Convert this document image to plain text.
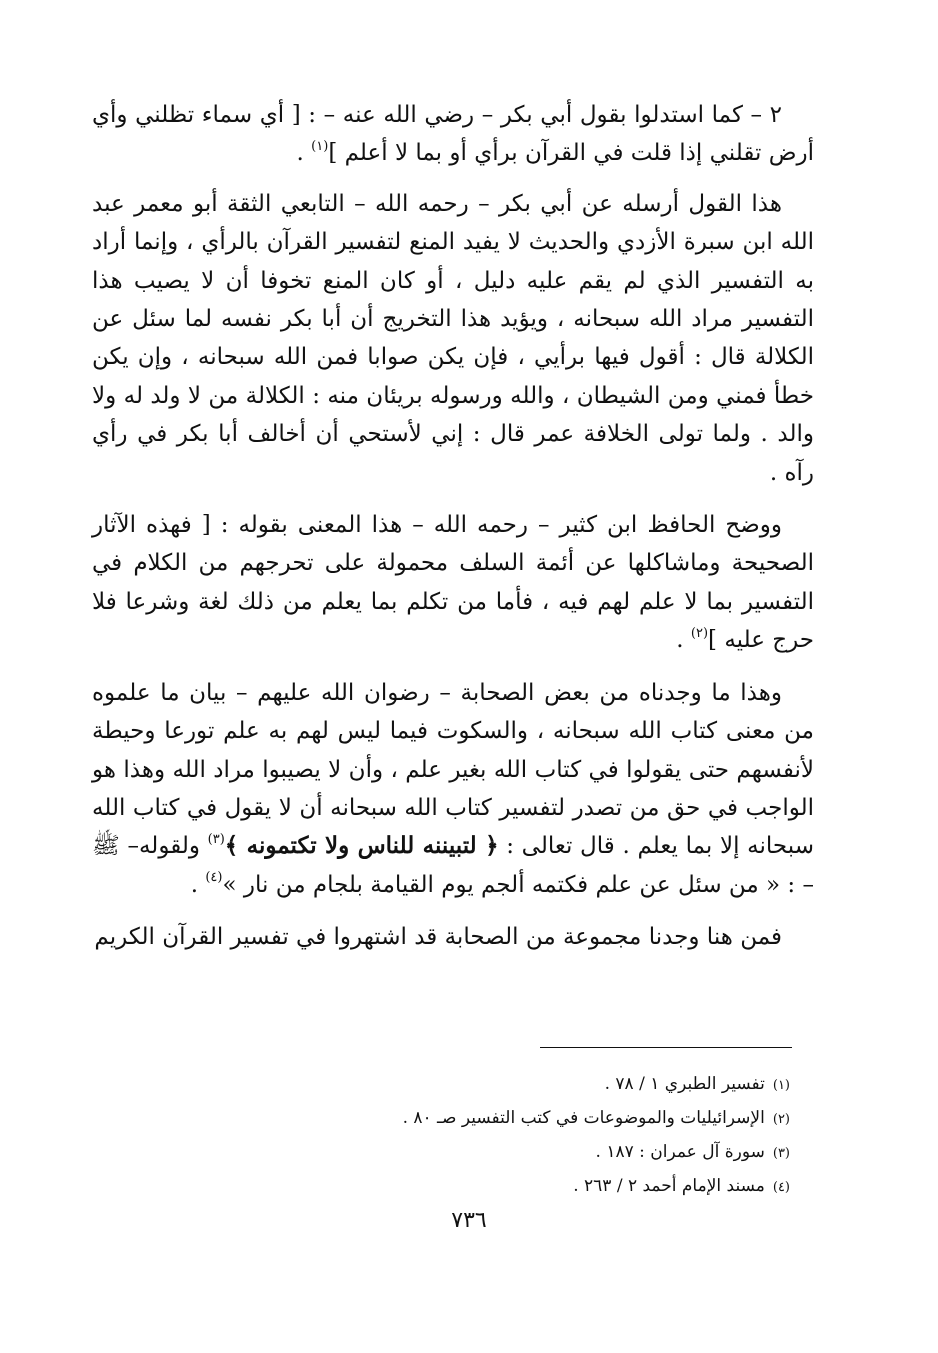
٢ – كما استدلوا بقول أبي بكر – رضي الله عنه – : [ أي سماء تظلني وأي أرض تقلني إذا قلت في القرآن برأي أو بما لا أعلم ]$^{(١)}$ .

هذا القول أرسله عن أبي بكر – رحمه الله – التابعي الثقة أبو معمر عبد الله ابن سبرة الأزدي والحديث لا يفيد المنع لتفسير القرآن بالرأي ، وإنما أراد به التفسير الذي لم يقم عليه دليل ، أو كان المنع تخوفا أن لا يصيب هذا التفسير مراد الله سبحانه ، ويؤيد هذا التخريج أن أبا بكر نفسه لما سئل عن الكلالة قال : أقول فيها برأيي ، فإن يكن صوابا فمن الله سبحانه ، وإن يكن خطأ فمني ومن الشيطان ، والله ورسوله بريئان منه : الكلالة من لا ولد له ولا والد . ولما تولى الخلافة عمر قال : إني لأستحي أن أخالف أبا بكر في رأي رآه .

ووضح الحافظ ابن كثير – رحمه الله – هذا المعنى بقوله : [ فهذه الآثار الصحيحة وماشاكلها عن أئمة السلف محمولة على تحرجهم من الكلام في التفسير بما لا علم لهم فيه ، فأما من تكلم بما يعلم من ذلك لغة وشرعا فلا حرج عليه ]$^{(٢)}$ .

وهذا ما وجدناه من بعض الصحابة – رضوان الله عليهم – بيان ما علموه من معنى كتاب الله سبحانه ، والسكوت فيما ليس لهم به علم تورعا وحيطة لأنفسهم حتى يقولوا في كتاب الله بغير علم ، وأن لا يصيبوا مراد الله وهذا هو الواجب في حق من تصدر لتفسير كتاب الله سبحانه أن لا يقول في كتاب الله سبحانه إلا بما يعلم . قال تعالى : ﴿ لتبيننه للناس ولا تكتمونه ﴾$^{(٣)}$ ولقوله– ﷺ – : « من سئل عن علم فكتمه ألجم يوم القيامة بلجام من نار »$^{(٤)}$ .

فمن هنا وجدنا مجموعة من الصحابة قد اشتهروا في تفسير القرآن الكريم

(١)تفسير الطبري ١ / ٧٨ .

(٢)الإسرائيليات والموضوعات في كتب التفسير صـ ٨٠ .

(٣)سورة آل عمران : ١٨٧ .

(٤)مسند الإمام أحمد ٢ / ٢٦٣ .

٧٣٦
